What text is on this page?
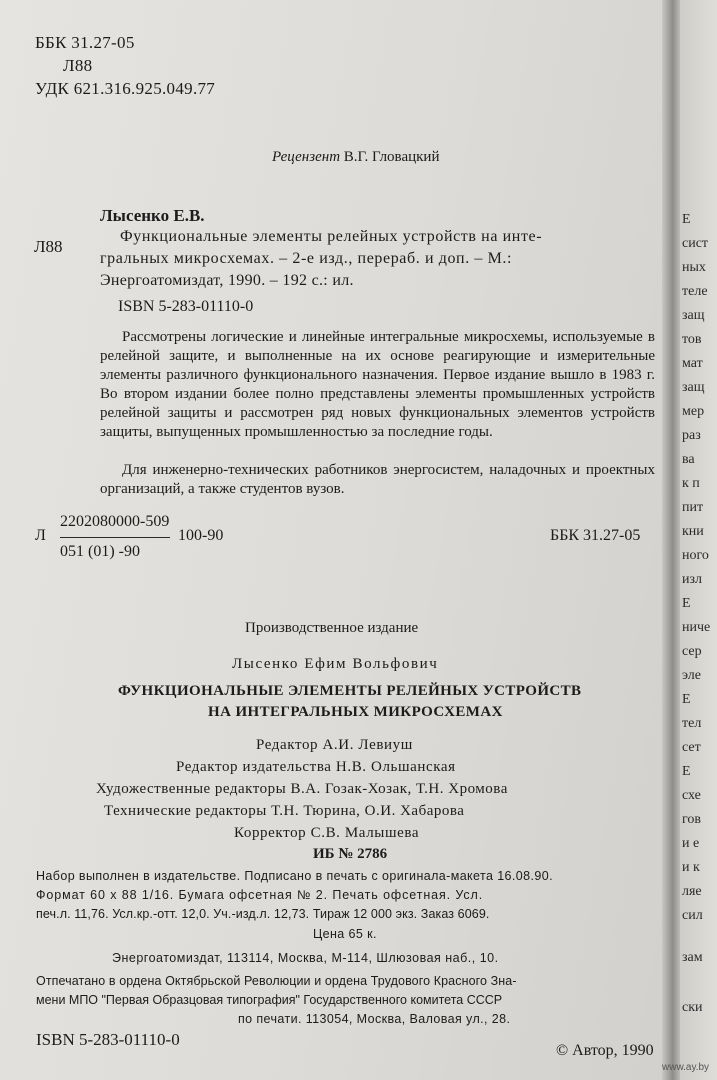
ББК 31.27-05
Л88
УДК 621.316.925.049.77
Рецензент В.Г. Гловацкий
Лысенко Е.В.
Л88
Функциональные элементы релейных устройств на инте-
гральных микросхемах. – 2-е изд., перераб. и доп. – М.:
Энергоатомиздат, 1990. – 192 с.: ил.
ISBN 5-283-01110-0
Рассмотрены логические и линейные интегральные микросхемы, используемые в релейной защите, и выполненные на их основе реагирующие и измерительные элементы различного функционального назначения. Первое издание вышло в 1983 г. Во втором издании более полно представлены элементы промышленных устройств релейной защиты и рассмотрен ряд новых функциональных элементов устройств защиты, выпущенных промышленностью за последние годы.
Для инженерно-технических работников энергосистем, наладочных и проектных организаций, а также студентов вузов.
Л
2202080000-509
051 (01) -90
100-90	ББК 31.27-05
Производственное издание
Лысенко Ефим Вольфович
ФУНКЦИОНАЛЬНЫЕ ЭЛЕМЕНТЫ РЕЛЕЙНЫХ УСТРОЙСТВ
НА ИНТЕГРАЛЬНЫХ МИКРОСХЕМАХ
Редактор А.И. Левиуш
Редактор издательства Н.В. Ольшанская
Художественные редакторы В.А. Гозак-Хозак, Т.Н. Хромова
Технические редакторы Т.Н. Тюрина, О.И. Хабарова
Корректор С.В. Малышева
ИБ № 2786
Набор выполнен в издательстве. Подписано в печать с оригинала-макета 16.08.90.
Формат 60 x 88 1/16. Бумага офсетная № 2. Печать офсетная. Усл.
печ.л. 11,76. Усл.кр.-отт. 12,0. Уч.-изд.л. 12,73. Тираж 12 000 экз. Заказ 6069.
Цена 65 к.
Энергоатомиздат, 113114, Москва, М-114, Шлюзовая наб., 10.
Отпечатано в ордена Октябрьской Революции и ордена Трудового Красного Зна-
мени МПО "Первая Образцовая типография" Государственного комитета СССР
по печати. 113054, Москва, Валовая ул., 28.
ISBN 5-283-01110-0
© Автор, 1990
Е
сист
ных
теле
защ
тов
мат
защ
мер
раз
ва
к п
пит
кни
ного
изл
Е
ниче
сер
эле
Е
тел
сет
Е
схе
гов
и е
и к
ляе
сил
зам
ски
www.ay.by
